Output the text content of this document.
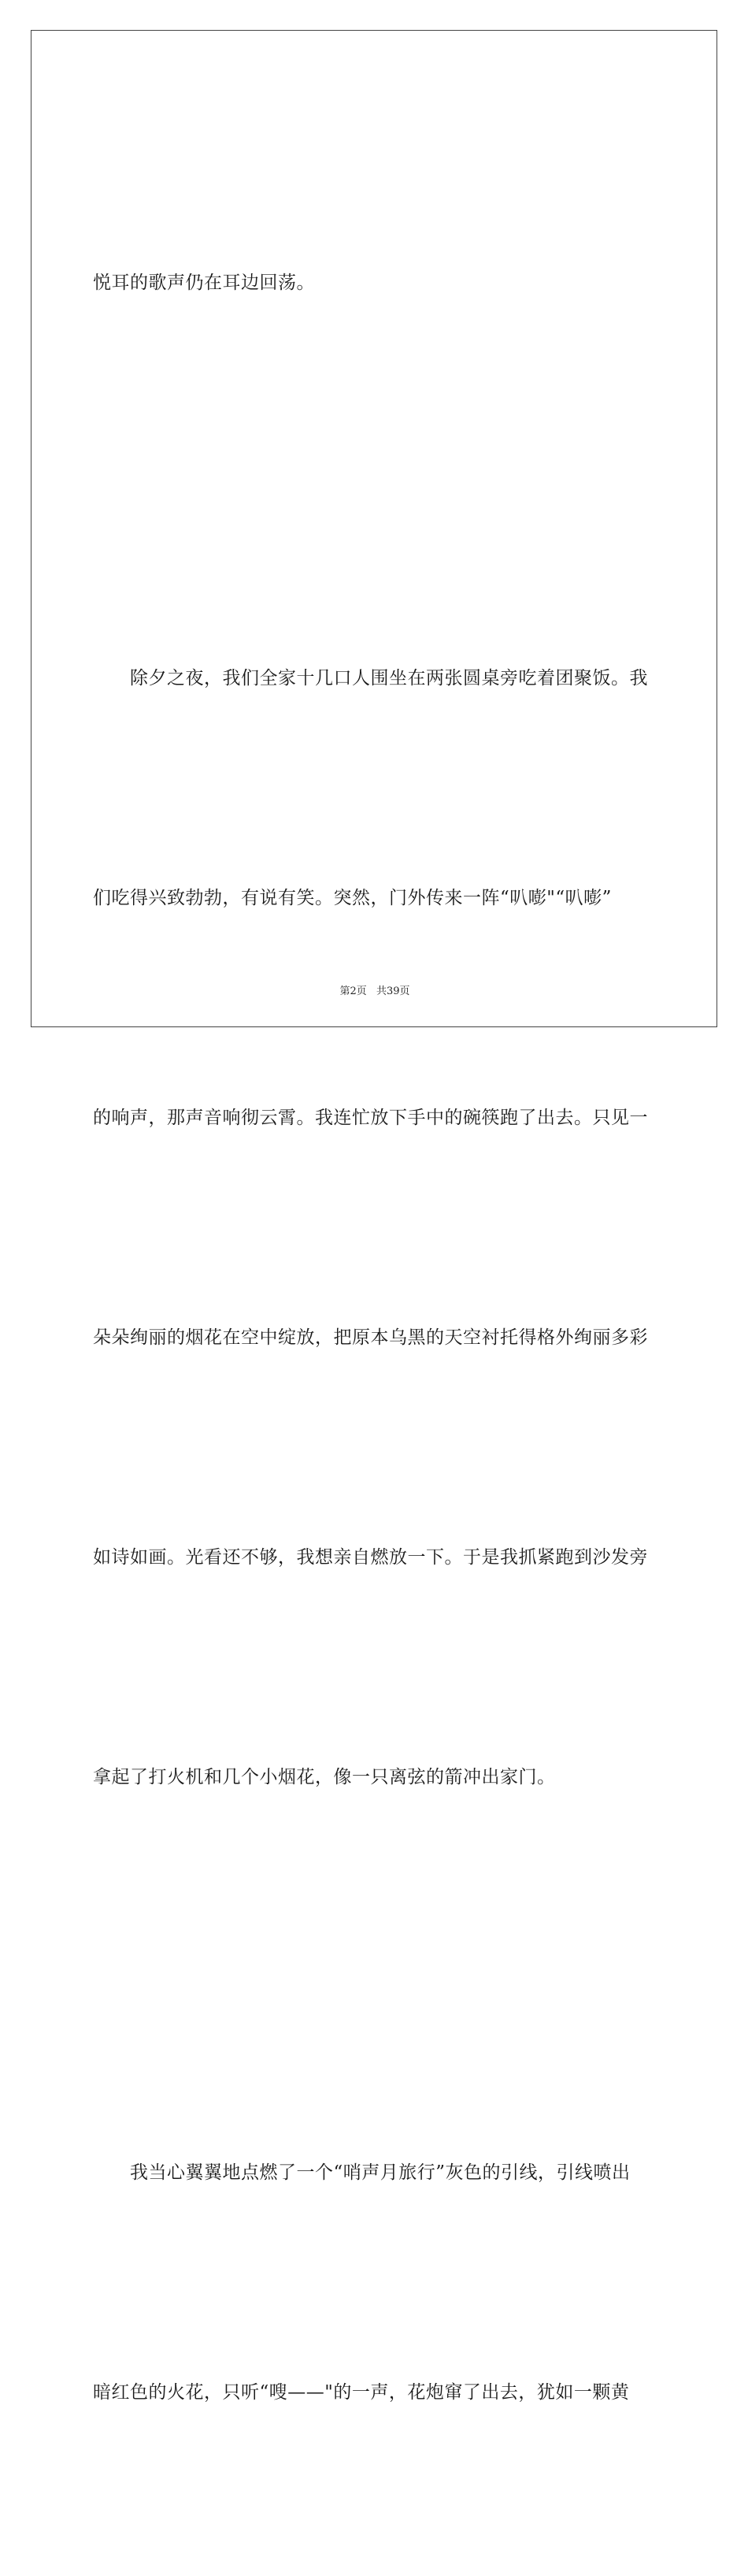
悦耳的歌声仍在耳边回荡。

　　除夕之夜，我们全家十几口人围坐在两张圆桌旁吃着团聚饭。我

们吃得兴致勃勃，有说有笑。突然，门外传来一阵“叭嘭"“叭嘭”

的响声，那声音响彻云霄。我连忙放下手中的碗筷跑了出去。只见一

朵朵绚丽的烟花在空中绽放，把原本乌黑的天空衬托得格外绚丽多彩

如诗如画。光看还不够，我想亲自燃放一下。于是我抓紧跑到沙发旁

拿起了打火机和几个小烟花，像一只离弦的箭冲出家门。

　　我当心翼翼地点燃了一个“哨声月旅行”灰色的引线，引线喷出

暗红色的火花，只听“嗖——"的一声，花炮窜了出去，犹如一颗黄

第2页 共39页
